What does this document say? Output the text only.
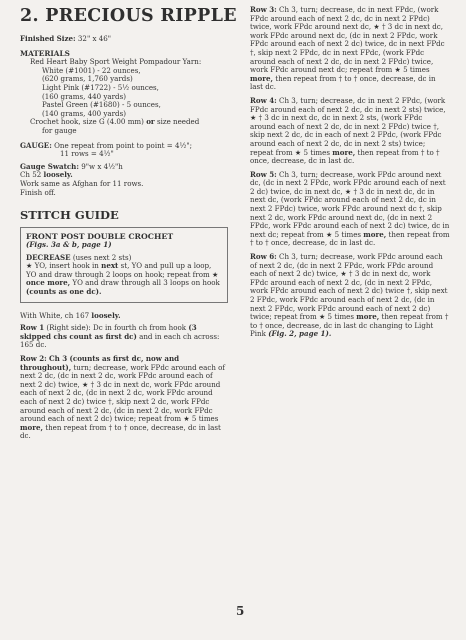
2. PRECIOUS RIPPLE

Finished Size: 32" x 46"

MATERIALS

Red Heart Baby Sport Weight Pompadour Yarn:

White (#1001) - 22 ounces,

(620 grams, 1,760 yards)

Light Pink (#1722) - 5½ ounces,

(160 grams, 440 yards)

Pastel Green (#1680) - 5 ounces,

(140 grams, 400 yards)

Crochet hook, size G (4.00 mm) or size needed

for gauge

GAUGE: One repeat from point to point = 4½";

11 rows = 4½"

Gauge Swatch: 9"w x 4½"h

Ch 52 loosely.

Work same as Afghan for 11 rows.

Finish off.

STITCH GUIDE

FRONT POST DOUBLE CROCHET

(Figs. 3a & b, page 1)

DECREASE (uses next 2 sts)
★ YO, insert hook in next st, YO and pull up a loop, YO and draw through 2 loops on hook; repeat from ★ once more, YO and draw through all 3 loops on hook (counts as one dc).

With White, ch 167 loosely.

Row 1 (Right side): Dc in fourth ch from hook (3 skipped chs count as first dc) and in each ch across: 165 dc.

Row 2: Ch 3 (counts as first dc, now and throughout), turn; decrease, work FPdc around each of next 2 dc, (dc in next 2 dc, work FPdc around each of next 2 dc) twice, ★ † 3 dc in next dc, work FPdc around each of next 2 dc, (dc in next 2 dc, work FPdc around each of next 2 dc) twice †, skip next 2 dc, work FPdc around each of next 2 dc, (dc in next 2 dc, work FPdc around each of next 2 dc) twice; repeat from ★ 5 times more, then repeat from † to † once, decrease, dc in last dc.

Row 3: Ch 3, turn; decrease, dc in next FPdc, (work FPdc around each of next 2 dc, dc in next 2 FPdc) twice, work FPdc around next dc, ★ † 3 dc in next dc, work FPdc around next dc, (dc in next 2 FPdc, work FPdc around each of next 2 dc) twice, dc in next FPdc †, skip next 2 FPdc, dc in next FPdc, (work FPdc around each of next 2 dc, dc in next 2 FPdc) twice, work FPdc around next dc; repeat from ★ 5 times more, then repeat from † to † once, decrease, dc in last dc.

Row 4: Ch 3, turn; decrease, dc in next 2 FPdc, (work FPdc around each of next 2 dc, dc in next 2 sts) twice, ★ † 3 dc in next dc, dc in next 2 sts, (work FPdc around each of next 2 dc, dc in next 2 FPdc) twice †, skip next 2 dc, dc in each of next 2 FPdc, (work FPdc around each of next 2 dc, dc in next 2 sts) twice; repeat from ★ 5 times more, then repeat from † to † once, decrease, dc in last dc.

Row 5: Ch 3, turn; decrease, work FPdc around next dc, (dc in next 2 FPdc, work FPdc around each of next 2 dc) twice, dc in next dc, ★ † 3 dc in next dc, dc in next dc, (work FPdc around each of next 2 dc, dc in next 2 FPdc) twice, work FPdc around next dc †, skip next 2 dc, work FPdc around next dc, (dc in next 2 FPdc, work FPdc around each of next 2 dc) twice, dc in next dc; repeat from ★ 5 times more, then repeat from † to † once, decrease, dc in last dc.

Row 6: Ch 3, turn; decrease, work FPdc around each of next 2 dc, (dc in next 2 FPdc, work FPdc around each of next 2 dc) twice, ★ † 3 dc in next dc, work FPdc around each of next 2 dc, (dc in next 2 FPdc, work FPdc around each of next 2 dc) twice †, skip next 2 FPdc, work FPdc around each of next 2 dc, (dc in next 2 FPdc, work FPdc around each of next 2 dc) twice; repeat from ★ 5 times more, then repeat from † to † once, decrease, dc in last dc changing to Light Pink (Fig. 2, page 1).

5
